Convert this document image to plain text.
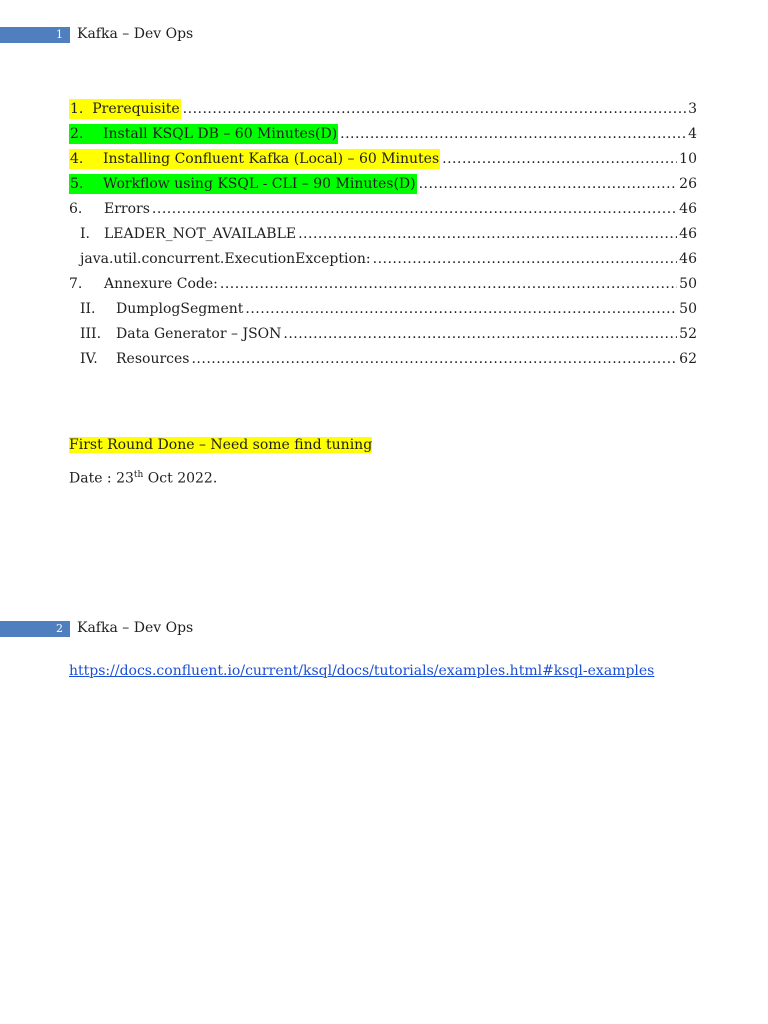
1	Kafka – Dev Ops
1. Prerequisite .....	3
2. Install KSQL DB – 60 Minutes(D) .....	4
4. Installing Confluent Kafka (Local) – 60 Minutes .....	10
5. Workflow using KSQL - CLI – 90 Minutes(D) .....	26
6.	Errors .....	46
I.	LEADER_NOT_AVAILABLE .....	46
java.util.concurrent.ExecutionException: .....	46
7.	Annexure Code: .....	50
II.	DumplogSegment .....	50
III.	Data Generator – JSON .....	52
IV.	Resources .....	62
First Round Done – Need some find tuning
Date : 23th Oct 2022.
2	Kafka – Dev Ops
https://docs.confluent.io/current/ksql/docs/tutorials/examples.html#ksql-examples
